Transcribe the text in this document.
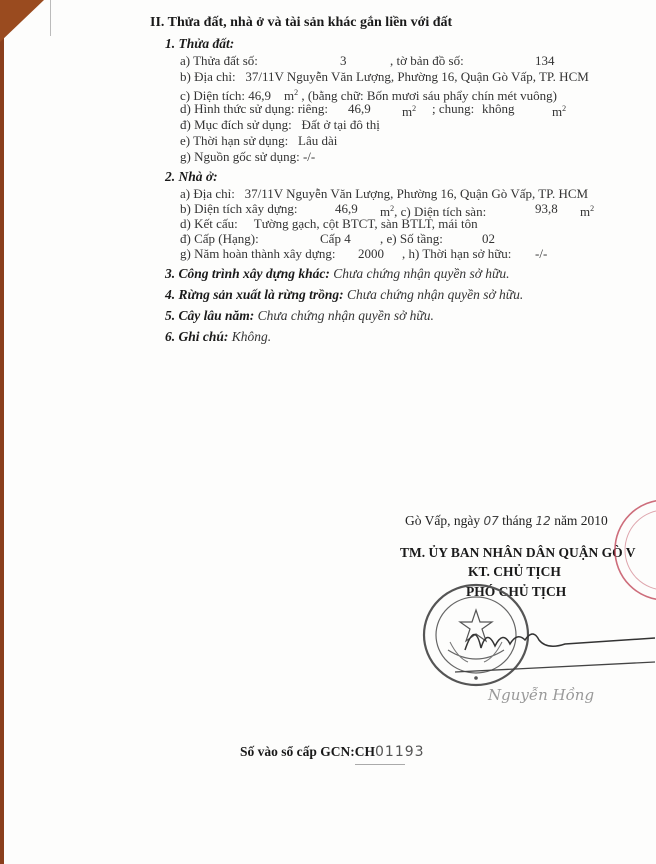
II. Thửa đất, nhà ở và tài sản khác gắn liền với đất
1. Thửa đất:
a) Thửa đất số:	3	, tờ bản đồ số:	134
b) Địa chỉ: 37/11V Nguyễn Văn Lượng, Phường 16, Quận Gò Vấp, TP. HCM
c) Diện tích: 46,9 $m^2$ , (bằng chữ: Bốn mươi sáu phẩy chín mét vuông)
d) Hình thức sử dụng: riêng: 46,9 $m^2$ ; chung: không	$m^2$
đ) Mục đích sử dụng: Đất ở tại đô thị
e) Thời hạn sử dụng: Lâu dài
g) Nguồn gốc sử dụng: -/-
2. Nhà ở:
a) Địa chỉ: 37/11V Nguyễn Văn Lượng, Phường 16, Quận Gò Vấp, TP. HCM
b) Diện tích xây dựng:	46,9 $m^2$, c) Diện tích sàn:	93,8 $m^2$
d) Kết cấu: Tường gạch, cột BTCT, sàn BTLT, mái tôn
đ) Cấp (Hạng):	Cấp 4 , e) Số tầng:	02
g) Năm hoàn thành xây dựng: 2000 , h) Thời hạn sở hữu: -/-
3. Công trình xây dựng khác: Chưa chứng nhận quyền sở hữu.
4. Rừng sản xuất là rừng trồng: Chưa chứng nhận quyền sở hữu.
5. Cây lâu năm: Chưa chứng nhận quyền sở hữu.
6. Ghi chú: Không.
Gò Vấp, ngày 07 tháng 12 năm 2010
TM. ỦY BAN NHÂN DÂN QUẬN GÒ V
KT. CHỦ TỊCH
PHÓ CHỦ TỊCH
Nguyễn Hồng
Số vào sổ cấp GCN:CH01193
